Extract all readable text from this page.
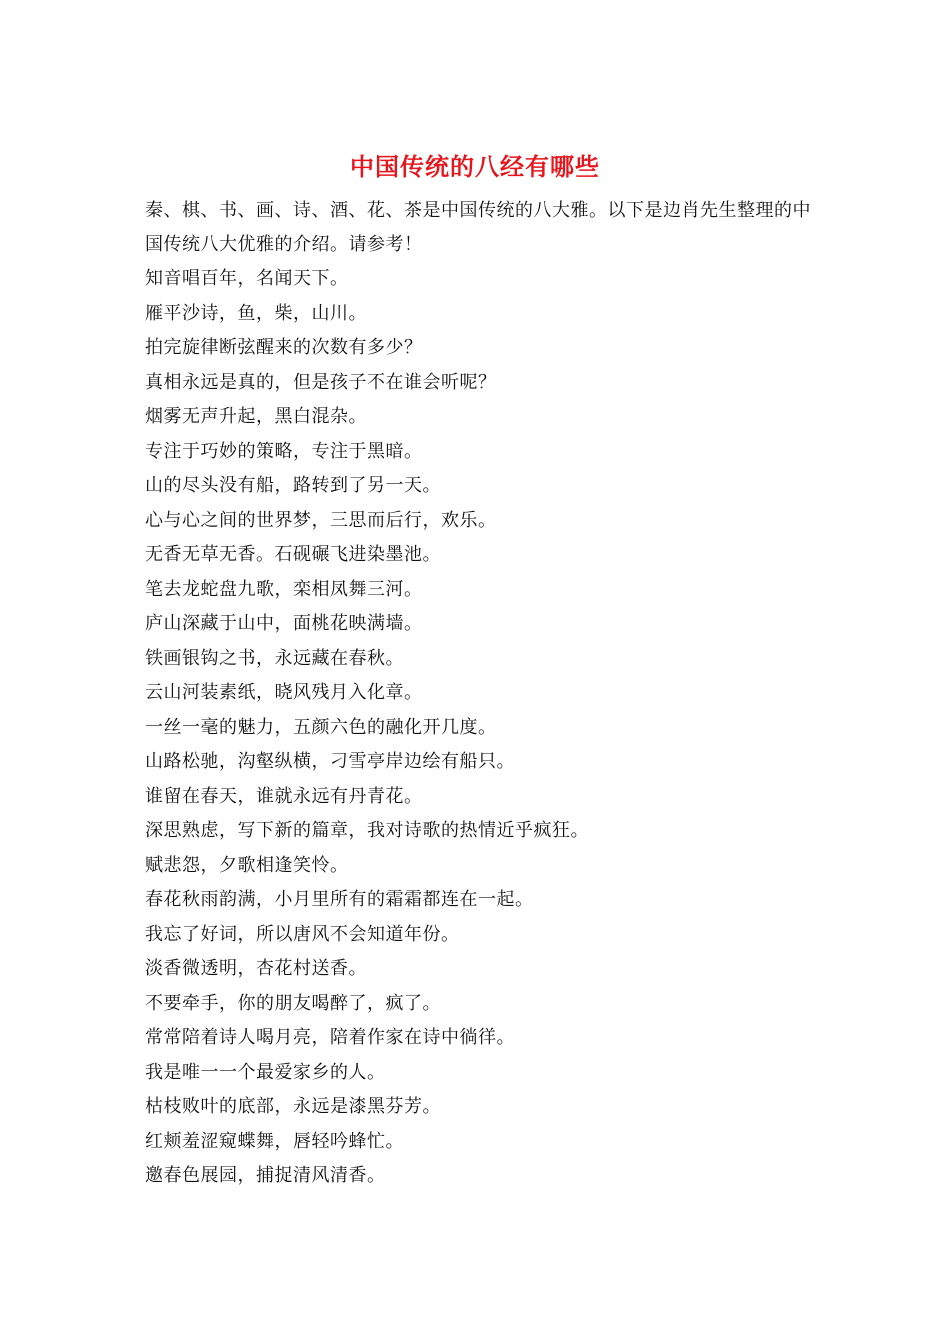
中国传统的八经有哪些

秦、棋、书、画、诗、酒、花、茶是中国传统的八大雅。以下是边肖先生整理的中国传统八大优雅的介绍。请参考！

知音唱百年，名闻天下。
雁平沙诗，鱼，柴，山川。
拍完旋律断弦醒来的次数有多少？
真相永远是真的，但是孩子不在谁会听呢？
烟雾无声升起，黑白混杂。
专注于巧妙的策略，专注于黑暗。
山的尽头没有船，路转到了另一天。
心与心之间的世界梦，三思而后行，欢乐。
无香无草无香。石砚碾飞进染墨池。
笔去龙蛇盘九歌，栾相凤舞三河。
庐山深藏于山中，面桃花映满墙。
铁画银钩之书，永远藏在春秋。
云山河装素纸，晓风残月入化章。
一丝一毫的魅力，五颜六色的融化开几度。
山路松驰，沟壑纵横，刁雪亭岸边绘有船只。
谁留在春天，谁就永远有丹青花。
深思熟虑，写下新的篇章，我对诗歌的热情近乎疯狂。
赋悲怨，夕歌相逢笑怜。
春花秋雨韵满，小月里所有的霜霜都连在一起。
我忘了好词，所以唐风不会知道年份。
淡香微透明，杏花村送香。
不要牵手，你的朋友喝醉了，疯了。
常常陪着诗人喝月亮，陪着作家在诗中徜徉。
我是唯一一个最爱家乡的人。
枯枝败叶的底部，永远是漆黑芬芳。
红颊羞涩窥蝶舞，唇轻吟蜂忙。
邀春色展园，捕捉清风清香。
